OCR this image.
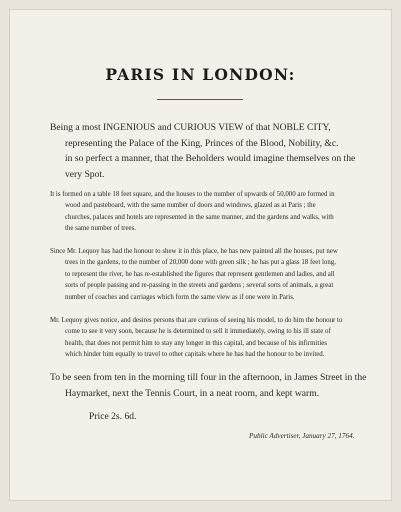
PARIS IN LONDON:
Being a most INGENIOUS and CURIOUS VIEW of that NOBLE CITY,
representing the Palace of the King, Princes of the Blood, Nobility, &c.
in so perfect a manner, that the Beholders would imagine themselves on the
very Spot.
It is formed on a table 18 feet square, and the houses to the number of upwards of 50,000 are formed in
wood and pasteboard, with the same number of doors and windows, glazed as at Paris ; the
churches, palaces and hotels are represented in the same manner, and the gardens and walks, with
the same number of trees.
Since Mr. Lequoy has had the honour to shew it in this place, he has new painted all the houses, put new
trees in the gardens, to the number of 20,000 done with green silk ; he has put a glass 18 feet long,
to represent the river, he has re-established the figures that represent gentlemen and ladies, and all
sorts of people passing and re-passing in the streets and gardens ; several sorts of animals, a great
number of coaches and carriages which form the same view as if one were in Paris.
Mr. Lequoy gives notice, and desires persons that are curious of seeing his model, to do him the honour to
come to see it very soon, because he is determined to sell it immediately, owing to his ill state of
health, that does not permit him to stay any longer in this capital, and because of his infirmities
which hinder him equally to travel to other capitals where he has had the honour to be invited.
To be seen from ten in the morning till four in the afternoon, in James Street in the
Haymarket, next the Tennis Court, in a neat room, and kept warm.
Price 2s. 6d.
Public Advertiser, January 27, 1764.
